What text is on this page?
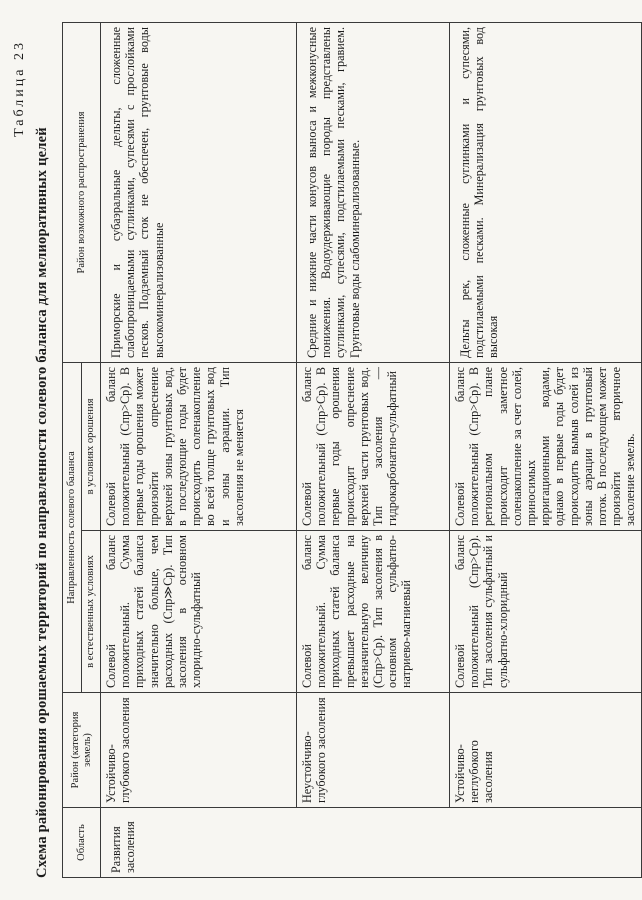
Таблица 23
Схема районирования орошаемых территорий по направленности солевого баланса для мелиоративных целей Область	Район (категория земель)	Направленность солевого баланса		Район возможного распространения
		в естественных условиях	в условиях орошения	
Развития засоления	Устойчиво-глубокого засоления	Солевой баланс положительный. Сумма приходных статей баланса значительно больше, чем расходных (Спр≫Ср). Тип засоления в основном хлоридно-сульфатный	Солевой баланс положительный (Спр>Ср). В первые годы орошения может произойти опреснение верхней зоны грунтовых вод, в последующие годы будет происходить соленакопление во всей толще грунтовых вод и зоны аэрации. Тип засоления не меняется	Приморские и субаэральные дельты, сложенные слабопроницаемыми суглинками, супесями с прослойками песков. Подземный сток не обеспечен, грунтовые воды высокоминерализованные
	Неустойчиво-глубокого засоления	Солевой баланс положительный. Сумма приходных статей баланса превышает расходные на незначительную величину (Спр>Ср). Тип засоления в основном сульфатно-натриево-магниевый	Солевой баланс положительный (Спр>Ср). В первые годы орошения происходит опреснение верхней части грунтовых вод. Тип засоления — гидрокарбонатно-сульфатный	Средние и нижние части конусов выноса и межконусные понижения. Водоудерживающие породы представлены суглинками, супесями, подстилаемыми песками, гравием. Грунтовые воды слабоминерализованные.
	Устойчиво-неглубокого засоления	Солевой баланс положительный (Спр>Ср). Тип засоления сульфатный и сульфатно-хлоридный	Солевой баланс положительный (Спр>Ср). В региональном плане происходит заметное соленакопление за счет солей, приносимых ирригационными водами, однако в первые годы будет происходить вымыв солей из зоны аэрации в грунтовый поток. В последующем может произойти вторичное засоление земель.	Дельты рек, сложенные суглинками и супесями, подстилаемыми песками. Минерализация грунтовых вод высокая
